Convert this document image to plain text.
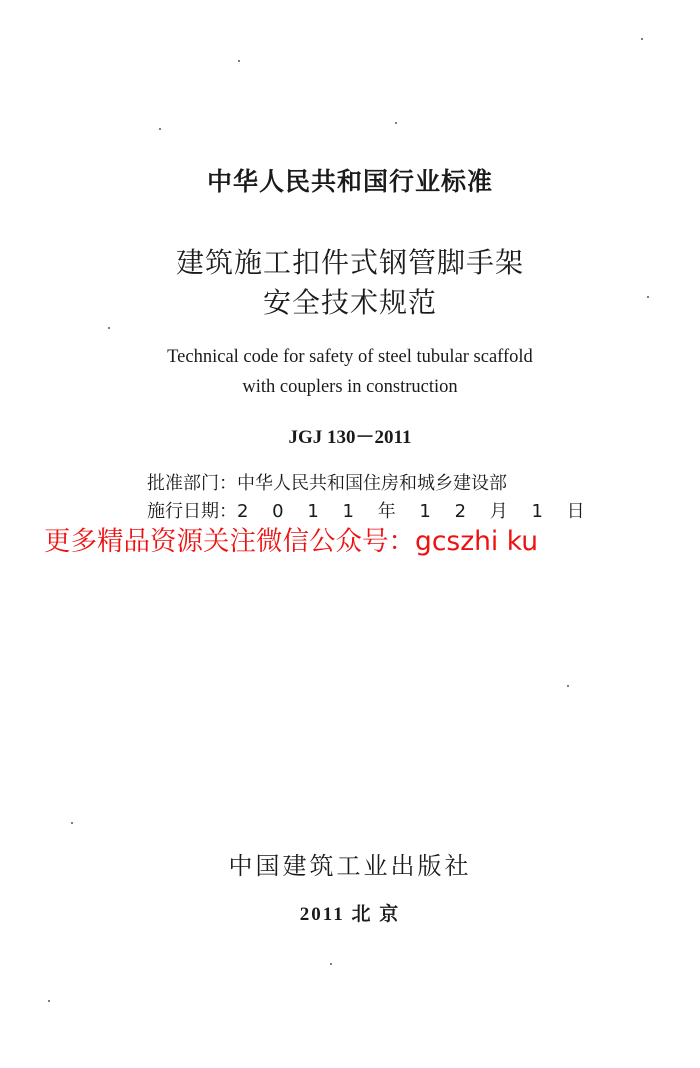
中华人民共和国行业标准
建筑施工扣件式钢管脚手架
安全技术规范
Technical code for safety of steel tubular scaffold
with couplers in construction
JGJ 130－2011
批准部门：中华人民共和国住房和城乡建设部
施行日期：2 0 1 1 年 1 2 月 1 日
更多精品资源关注微信公众号：gcszhi ku
中国建筑工业出版社
2011 北 京
